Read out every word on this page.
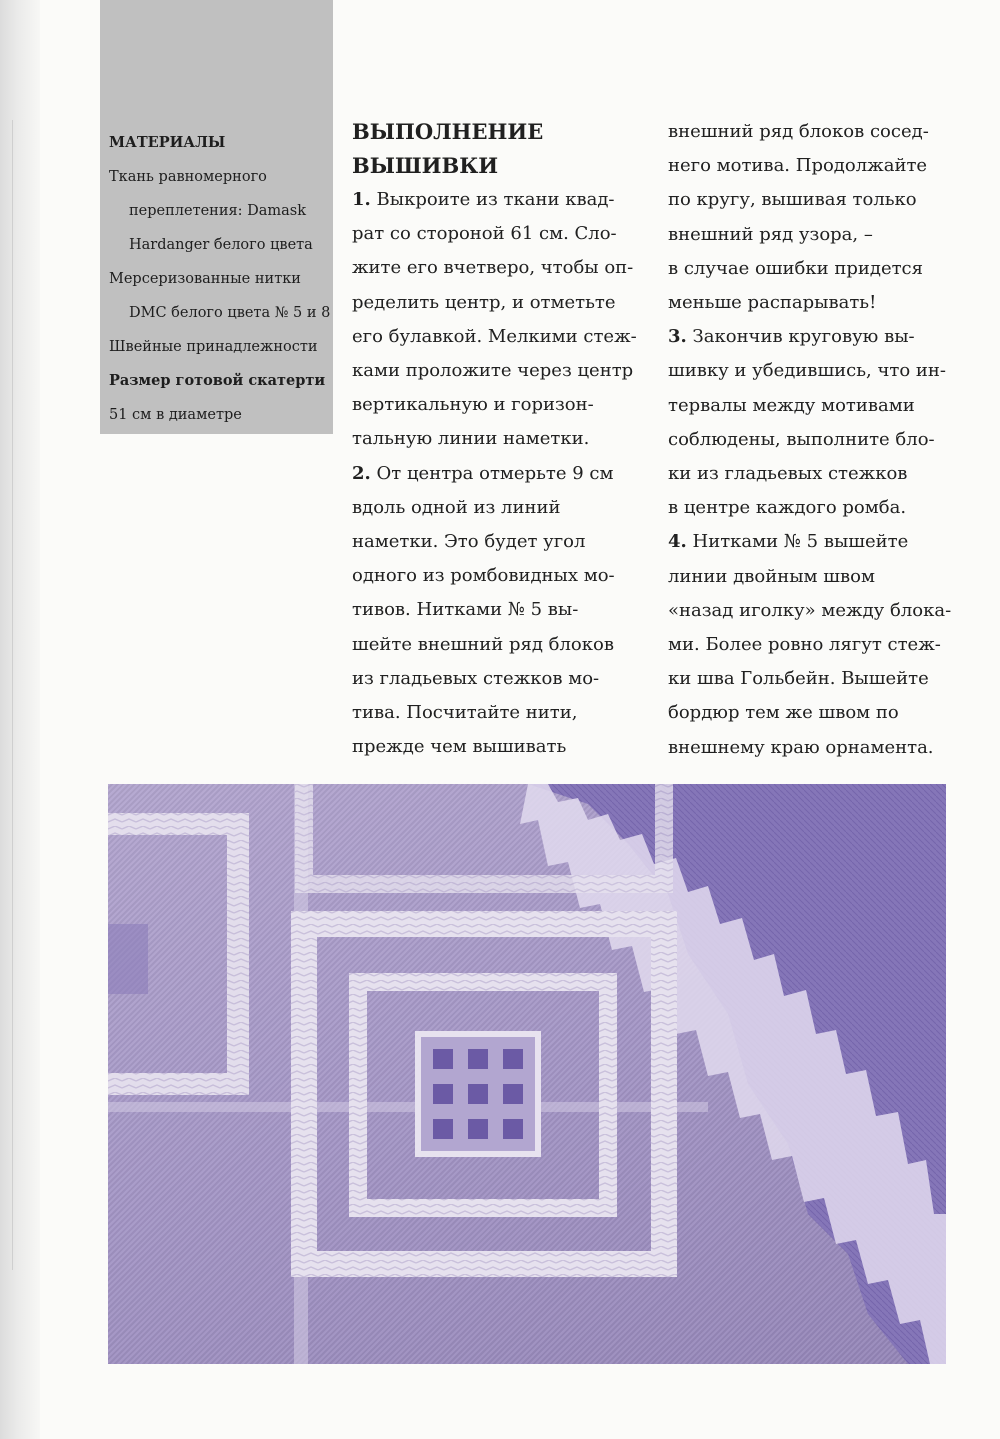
МАТЕРИАЛЫ
Ткань равномерного
переплетения: Damask
Hardanger белого цвета
Мерсеризованные нитки
DMC белого цвета № 5 и 8
Швейные принадлежности
Размер готовой скатерти
51 см в диаметре
ВЫПОЛНЕНИЕ
ВЫШИВКИ
1. Выкроите из ткани квад-
рат со стороной 61 см. Сло-
жите его вчетверо, чтобы оп-
ределить центр, и отметьте
его булавкой. Мелкими стеж-
ками проложите через центр
вертикальную и горизон-
тальную линии наметки.
2. От центра отмерьте 9 см
вдоль одной из линий
наметки. Это будет угол
одного из ромбовидных мо-
тивов. Нитками № 5 вы-
шейте внешний ряд блоков
из гладьевых стежков мо-
тива. Посчитайте нити,
прежде чем вышивать
внешний ряд блоков сосед-
него мотива. Продолжайте
по кругу, вышивая только
внешний ряд узора, –
в случае ошибки придется
меньше распарывать!
3. Закончив круговую вы-
шивку и убедившись, что ин-
тервалы между мотивами
соблюдены, выполните бло-
ки из гладьевых стежков
в центре каждого ромба.
4. Нитками № 5 вышейте
линии двойным швом
«назад иголку» между блока-
ми. Более ровно лягут стеж-
ки шва Гольбейн. Вышейте
бордюр тем же швом по
внешнему краю орнамента.
